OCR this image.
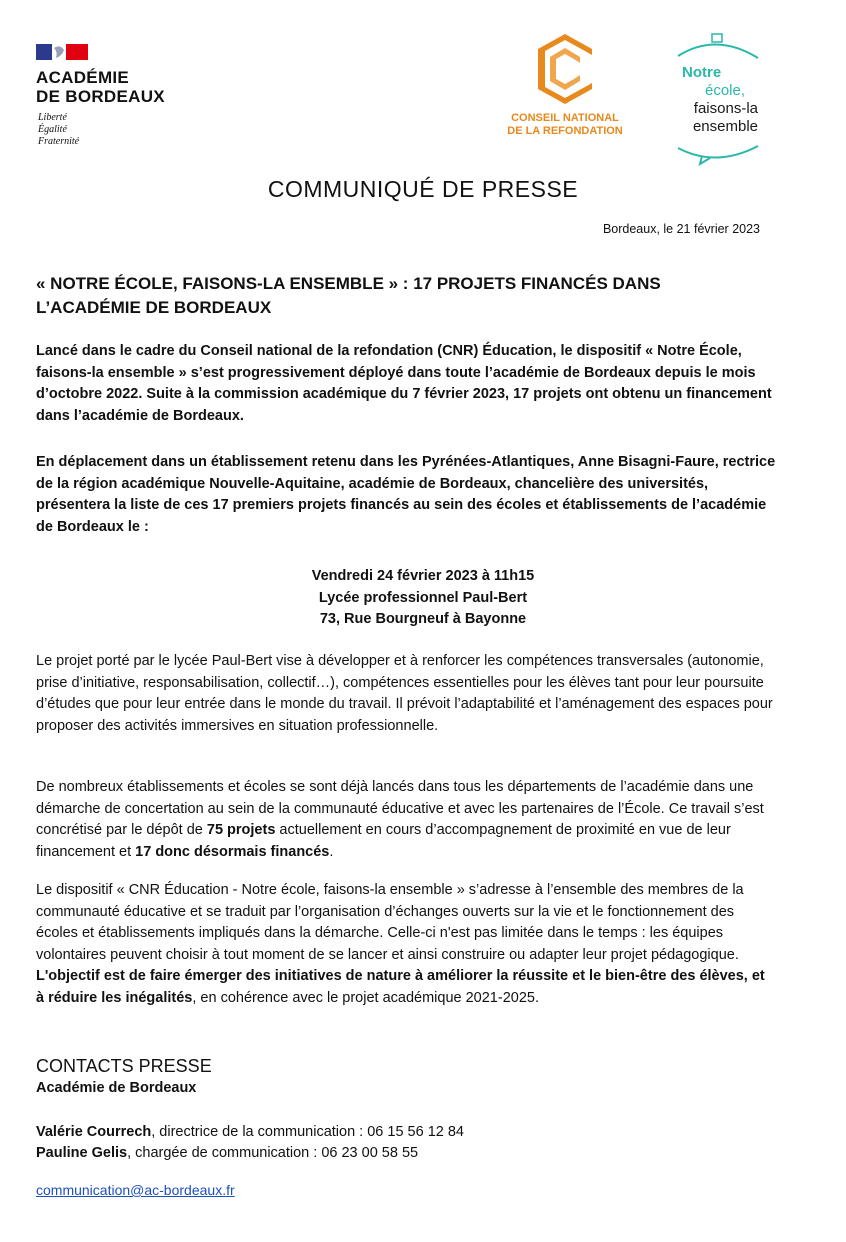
ACADÉMIE
DE BORDEAUX
Liberté
Égalité
Fraternité
CONSEIL NATIONAL
DE LA REFONDATION
Notre
école,
faisons-la
ensemble
COMMUNIQUÉ DE PRESSE
Bordeaux, le 21 février 2023
« NOTRE ÉCOLE, FAISONS-LA ENSEMBLE » : 17 PROJETS FINANCÉS DANS L’ACADÉMIE DE BORDEAUX
Lancé dans le cadre du Conseil national de la refondation (CNR) Éducation, le dispositif « Notre École, faisons-la ensemble » s’est progressivement déployé dans toute l’académie de Bordeaux depuis le mois d’octobre 2022. Suite à la commission académique du 7 février 2023, 17 projets ont obtenu un financement dans l’académie de Bordeaux.
En déplacement dans un établissement retenu dans les Pyrénées-Atlantiques, Anne Bisagni-Faure, rectrice de la région académique Nouvelle-Aquitaine, académie de Bordeaux, chancelière des universités, présentera la liste de ces 17 premiers projets financés au sein des écoles et établissements de l’académie de Bordeaux le :
Vendredi 24 février 2023 à 11h15
Lycée professionnel Paul-Bert
73, Rue Bourgneuf à Bayonne
Le projet porté par le lycée Paul-Bert vise à développer et à renforcer les compétences transversales (autonomie, prise d’initiative, responsabilisation, collectif…), compétences essentielles pour les élèves tant pour leur poursuite d’études que pour leur entrée dans le monde du travail. Il prévoit l’adaptabilité et l’aménagement des espaces pour proposer des activités immersives en situation professionnelle.
De nombreux établissements et écoles se sont déjà lancés dans tous les départements de l’académie dans une démarche de concertation au sein de la communauté éducative et avec les partenaires de l’École. Ce travail s’est concrétisé par le dépôt de 75 projets actuellement en cours d’accompagnement de proximité en vue de leur financement et 17 donc désormais financés.
Le dispositif « CNR Éducation - Notre école, faisons-la ensemble » s’adresse à l’ensemble des membres de la communauté éducative et se traduit par l’organisation d’échanges ouverts sur la vie et le fonctionnement des écoles et établissements impliqués dans la démarche. Celle-ci n'est pas limitée dans le temps : les équipes volontaires peuvent choisir à tout moment de se lancer et ainsi construire ou adapter leur projet pédagogique. L'objectif est de faire émerger des initiatives de nature à améliorer la réussite et le bien-être des élèves, et à réduire les inégalités, en cohérence avec le projet académique 2021-2025.
CONTACTS PRESSE
Académie de Bordeaux
Valérie Courrech, directrice de la communication : 06 15 56 12 84
Pauline Gelis, chargée de communication : 06 23 00 58 55
communication@ac-bordeaux.fr
